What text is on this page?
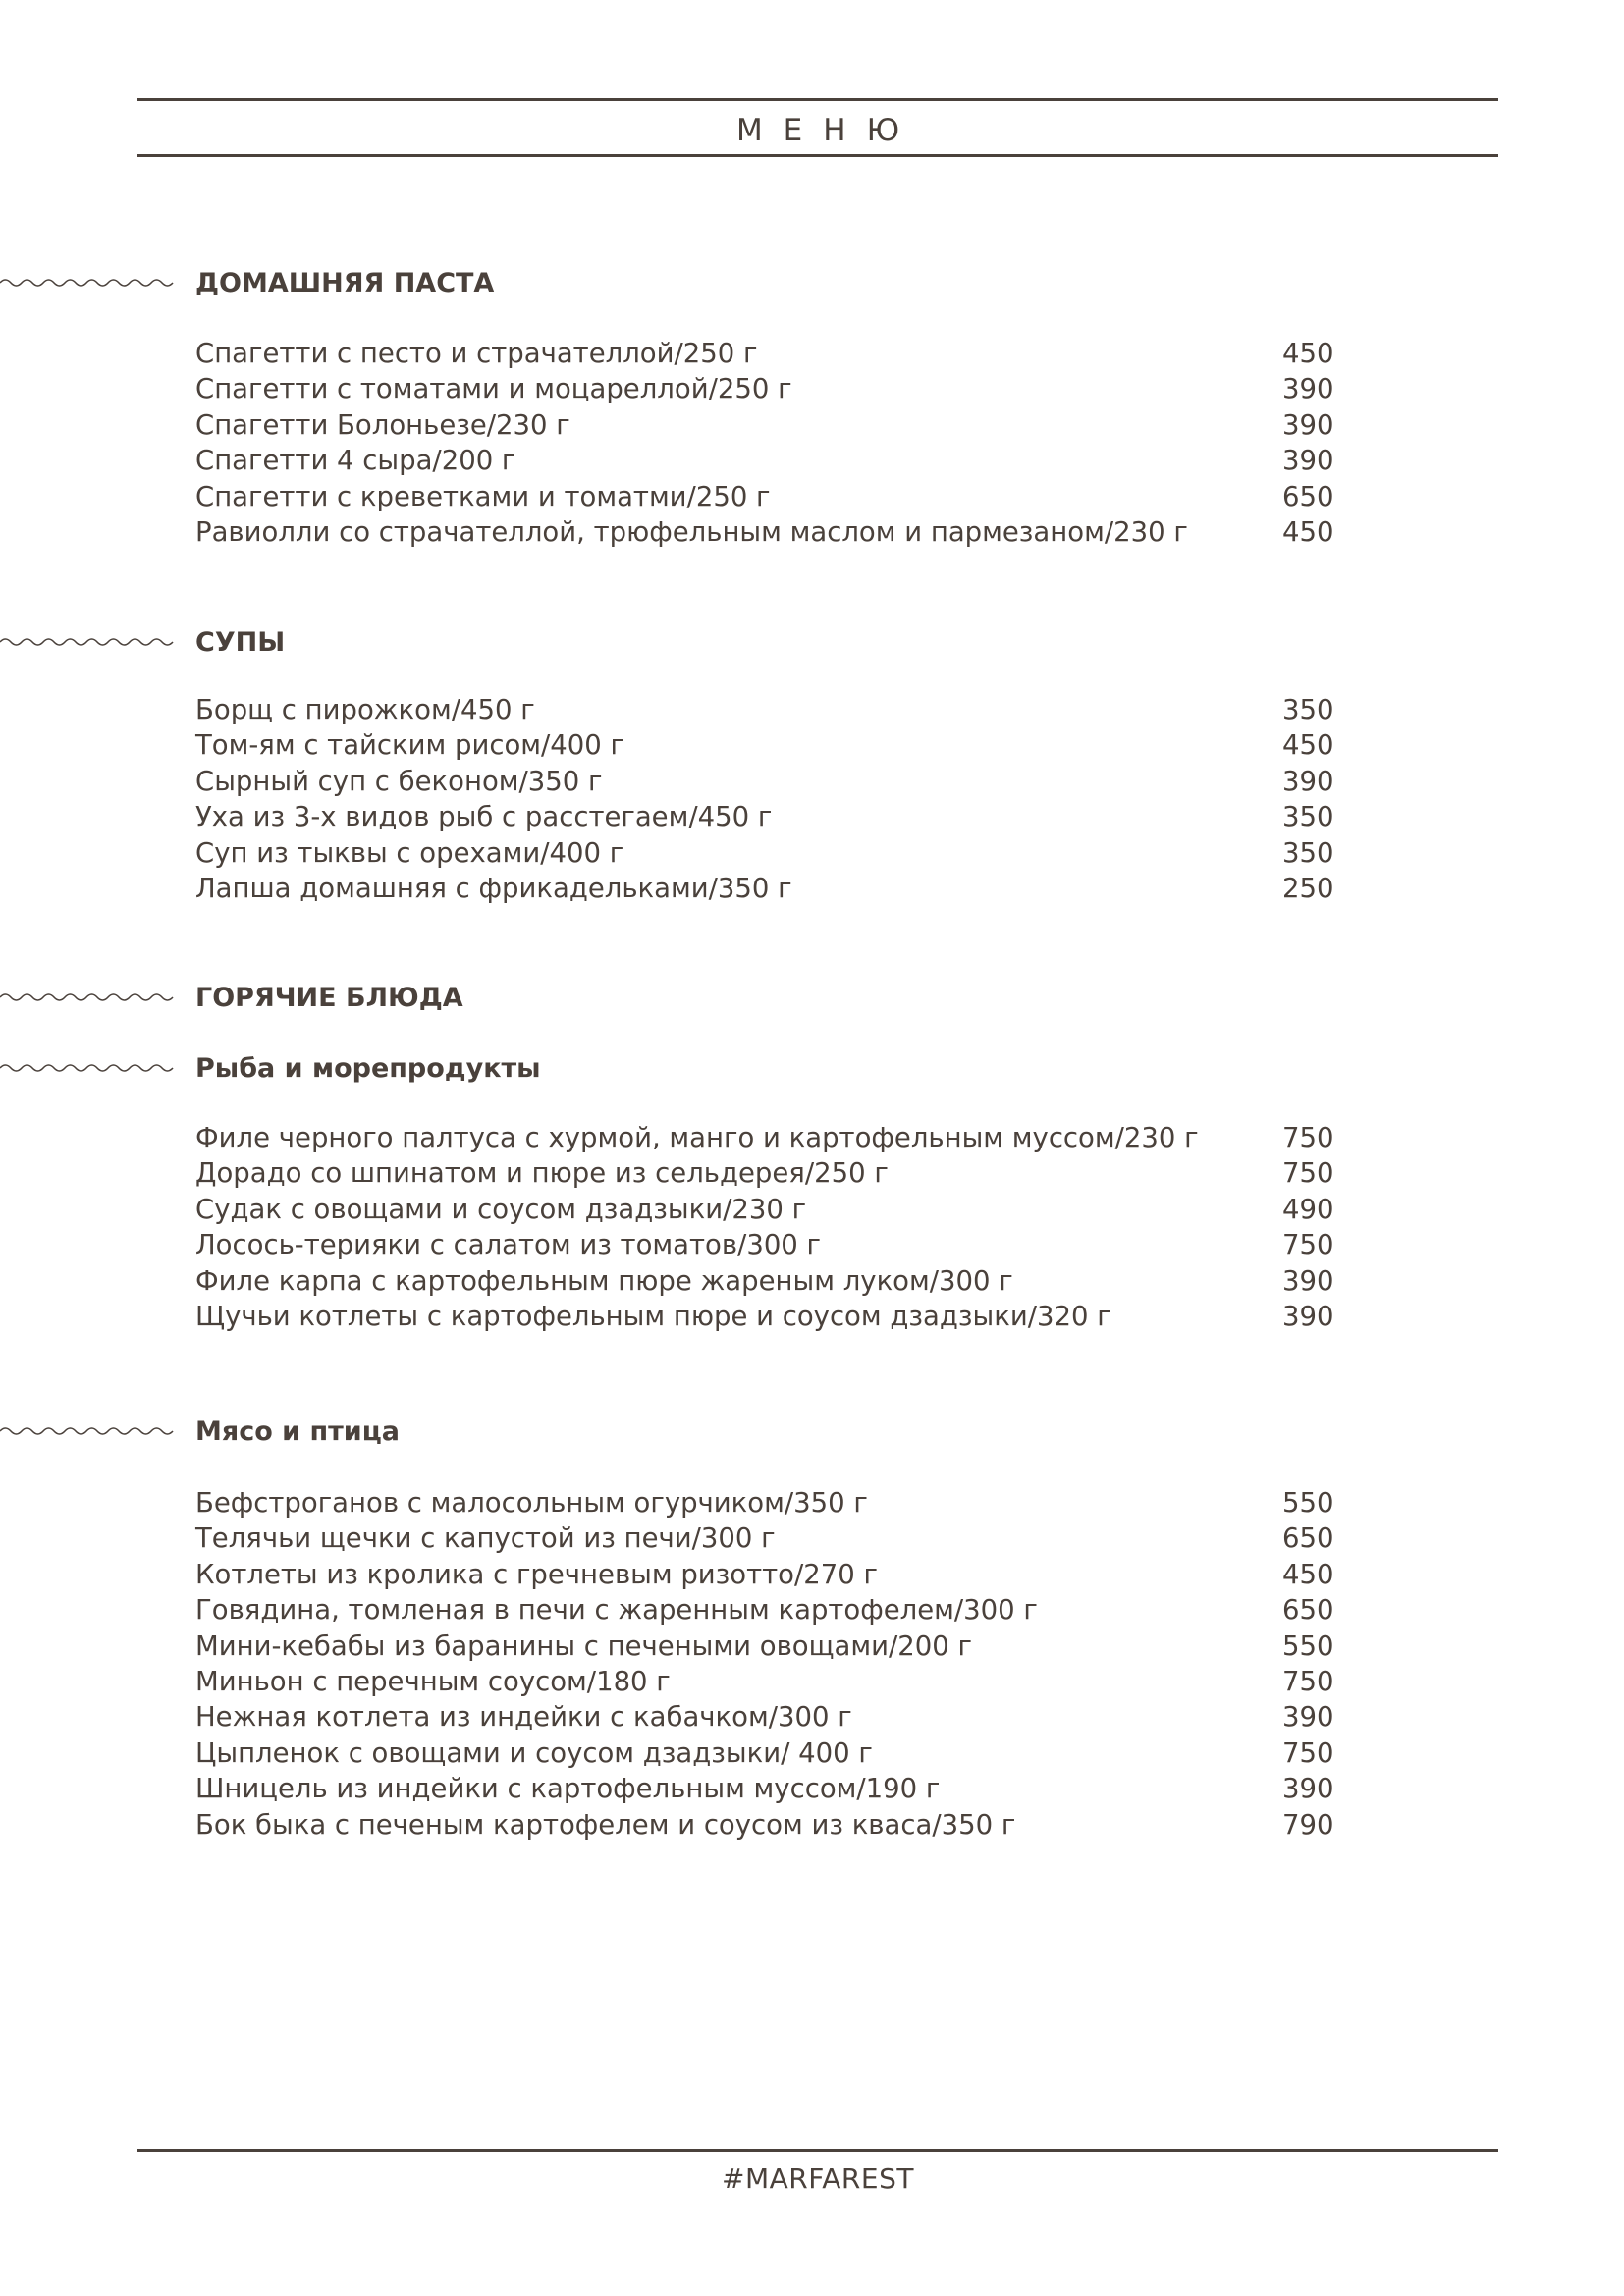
МЕНЮ
ДОМАШНЯЯ ПАСТА
Спагетти с песто и страчателлой/250 г	450
Спагетти с томатами и моцареллой/250 г	390
Спагетти Болоньезе/230 г	390
Спагетти 4 сыра/200 г	390
Спагетти с креветками и томатми/250 г	650
Равиолли со страчателлой, трюфельным маслом и пармезаном/230 г	450
СУПЫ
Борщ с пирожком/450 г	350
Том-ям с тайским рисом/400 г	450
Сырный суп с беконом/350 г	390
Уха из 3-х видов рыб с расстегаем/450 г	350
Суп из тыквы с орехами/400 г	350
Лапша домашняя с фрикадельками/350 г	250
ГОРЯЧИЕ БЛЮДА
Рыба и морепродукты
Филе черного палтуса с хурмой, манго и картофельным муссом/230 г	750
Дорадо со шпинатом и пюре из сельдерея/250 г	750
Судак с овощами и соусом дзадзыки/230 г	490
Лосось-терияки с салатом из томатов/300 г	750
Филе карпа с картофельным пюре жареным луком/300 г	390
Щучьи котлеты с картофельным пюре и соусом дзадзыки/320 г	390
Мясо и птица
Бефстроганов с малосольным огурчиком/350 г	550
Телячьи щечки с капустой из печи/300 г	650
Котлеты из кролика с гречневым ризотто/270 г	450
Говядина, томленая в печи с жаренным картофелем/300 г	650
Мини-кебабы из баранины с печеными овощами/200 г	550
Миньон с перечным соусом/180 г	750
Нежная котлета из индейки с кабачком/300 г	390
Цыпленок с овощами и соусом дзадзыки/ 400 г	750
Шницель из индейки с картофельным муссом/190 г	390
Бок быка с печеным картофелем и соусом из кваса/350 г	790
#MARFAREST
